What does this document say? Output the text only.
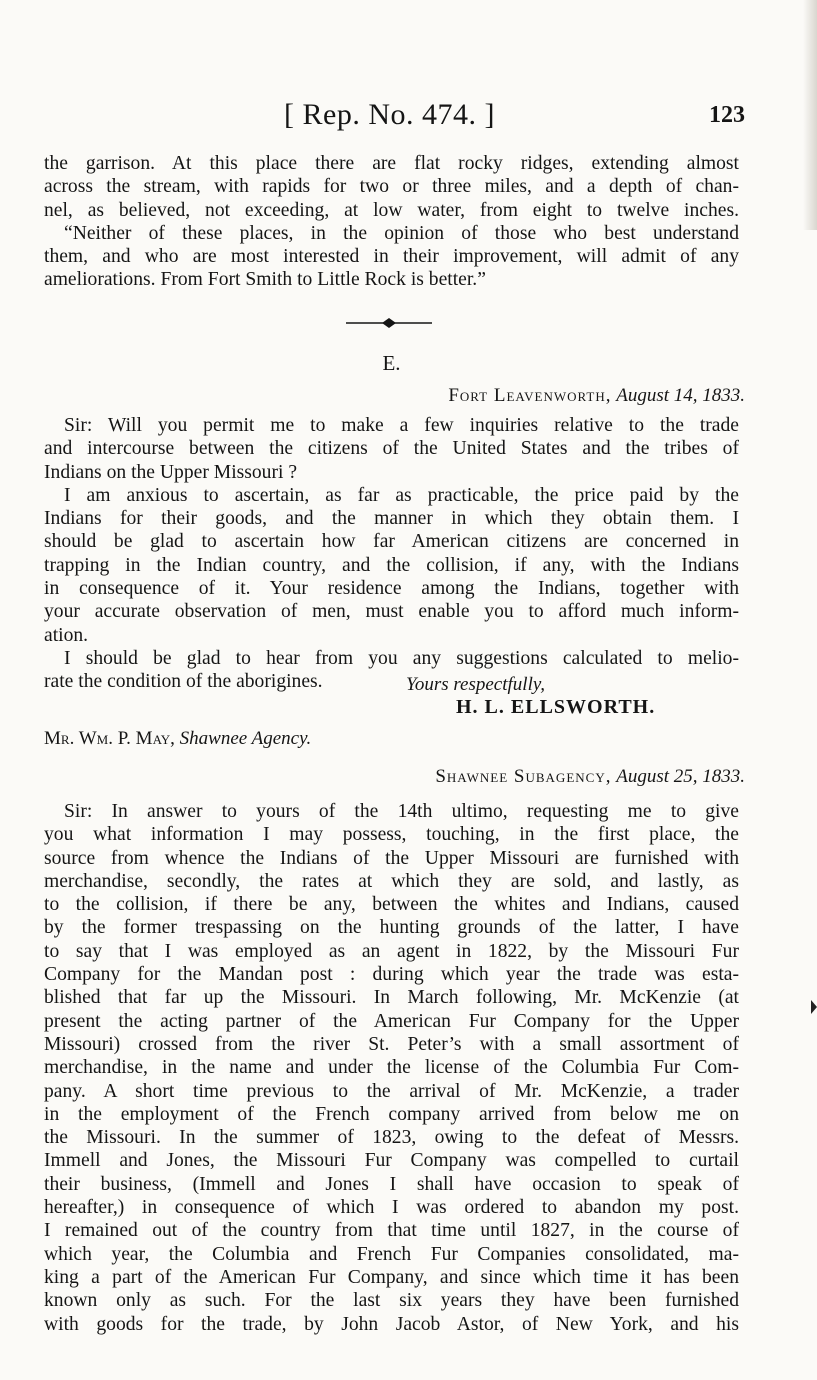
[ Rep. No. 474. ]	123

the garrison. At this place there are flat rocky ridges, extending almost

across the stream, with rapids for two or three miles, and a depth of chan-

nel, as believed, not exceeding, at low water, from eight to twelve inches.

“Neither of these places, in the opinion of those who best understand

them, and who are most interested in their improvement, will admit of any

ameliorations. From Fort Smith to Little Rock is better.”

E.
Fort Leavenworth, August 14, 1833.

Sir: Will you permit me to make a few inquiries relative to the trade

and intercourse between the citizens of the United States and the tribes of

Indians on the Upper Missouri ?

I am anxious to ascertain, as far as practicable, the price paid by the

Indians for their goods, and the manner in which they obtain them. I

should be glad to ascertain how far American citizens are concerned in

trapping in the Indian country, and the collision, if any, with the Indians

in consequence of it. Your residence among the Indians, together with

your accurate observation of men, must enable you to afford much inform-

ation.

I should be glad to hear from you any suggestions calculated to melio-

rate the condition of the aborigines.	Yours respectfully,
H. L. ELLSWORTH.
Mr. Wm. P. May, Shawnee Agency.
Shawnee Subagency, August 25, 1833.

Sir: In answer to yours of the 14th ultimo, requesting me to give

you what information I may possess, touching, in the first place, the

source from whence the Indians of the Upper Missouri are furnished with

merchandise, secondly, the rates at which they are sold, and lastly, as

to the collision, if there be any, between the whites and Indians, caused

by the former trespassing on the hunting grounds of the latter, I have

to say that I was employed as an agent in 1822, by the Missouri Fur

Company for the Mandan post : during which year the trade was esta-

blished that far up the Missouri. In March following, Mr. McKenzie (at

present the acting partner of the American Fur Company for the Upper

Missouri) crossed from the river St. Peter’s with a small assortment of

merchandise, in the name and under the license of the Columbia Fur Com-

pany. A short time previous to the arrival of Mr. McKenzie, a trader

in the employment of the French company arrived from below me on

the Missouri. In the summer of 1823, owing to the defeat of Messrs.

Immell and Jones, the Missouri Fur Company was compelled to curtail

their business, (Immell and Jones I shall have occasion to speak of

hereafter,) in consequence of which I was ordered to abandon my post.

I remained out of the country from that time until 1827, in the course of

which year, the Columbia and French Fur Companies consolidated, ma-

king a part of the American Fur Company, and since which time it has been

known only as such. For the last six years they have been furnished

with goods for the trade, by John Jacob Astor, of New York, and his
